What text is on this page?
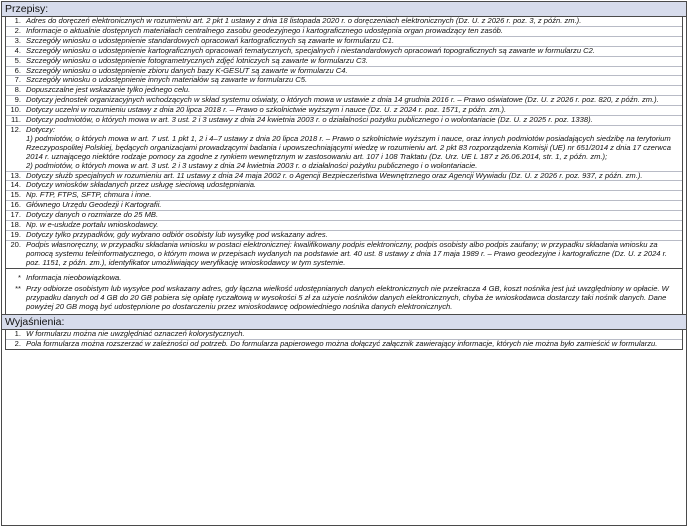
Przepisy:
1. Adres do doręczeń elektronicznych w rozumieniu art. 2 pkt 1 ustawy z dnia 18 listopada 2020 r. o doręczeniach elektronicznych (Dz. U. z 2026 r. poz. 3, z późn. zm.).
2. Informacje o aktualnie dostępnych materiałach centralnego zasobu geodezyjnego i kartograficznego udostępnia organ prowadzący ten zasób.
3. Szczegóły wniosku o udostępnienie standardowych opracowań kartograficznych są zawarte w formularzu C1.
4. Szczegóły wniosku o udostępnienie kartograficznych opracowań tematycznych, specjalnych i niestandardowych opracowań topograficznych są zawarte w formularzu C2.
5. Szczegóły wniosku o udostępnienie fotogrametrycznych zdjęć lotniczych są zawarte w formularzu C3.
6. Szczegóły wniosku o udostępnienie zbioru danych bazy K-GESUT są zawarte w formularzu C4.
7. Szczegóły wniosku o udostępnienie innych materiałów są zawarte w formularzu C5.
8. Dopuszczalne jest wskazanie tylko jednego celu.
9. Dotyczy jednostek organizacyjnych wchodzących w skład systemu oświaty, o których mowa w ustawie z dnia 14 grudnia 2016 r. – Prawo oświatowe (Dz. U. z 2026 r. poz. 820, z późn. zm.).
10. Dotyczy uczelni w rozumieniu ustawy z dnia 20 lipca 2018 r. – Prawo o szkolnictwie wyższym i nauce (Dz. U. z 2024 r. poz. 1571, z późn. zm.).
11. Dotyczy podmiotów, o których mowa w art. 3 ust. 2 i 3 ustawy z dnia 24 kwietnia 2003 r. o działalności pożytku publicznego i o wolontariacie (Dz. U. z 2025 r. poz. 1338).
12. Dotyczy:
1) podmiotów, o których mowa w art. 7 ust. 1 pkt 1, 2 i 4–7 ustawy z dnia 20 lipca 2018 r. – Prawo o szkolnictwie wyższym i nauce, oraz innych podmiotów posiadających siedzibę na terytorium Rzeczypospolitej Polskiej, będących organizacjami prowadzącymi badania i upowszechniającymi wiedzę w rozumieniu art. 2 pkt 83 rozporządzenia Komisji (UE) nr 651/2014 z dnia 17 czerwca 2014 r. uznającego niektóre rodzaje pomocy za zgodne z rynkiem wewnętrznym w zastosowaniu art. 107 i 108 Traktatu (Dz. Urz. UE L 187 z 26.06.2014, str. 1, z późn. zm.);
2) podmiotów, o których mowa w art. 3 ust. 2 i 3 ustawy z dnia 24 kwietnia 2003 r. o działalności pożytku publicznego i o wolontariacie.
13. Dotyczy służb specjalnych w rozumieniu art. 11 ustawy z dnia 24 maja 2002 r. o Agencji Bezpieczeństwa Wewnętrznego oraz Agencji Wywiadu (Dz. U. z 2026 r. poz. 937, z późn. zm.).
14. Dotyczy wniosków składanych przez usługę sieciową udostępniania.
15. Np. FTP, FTPS, SFTP, chmura i inne.
16. Głównego Urzędu Geodezji i Kartografii.
17. Dotyczy danych o rozmiarze do 25 MB.
18. Np. w e-usłudze portalu wnioskodawcy.
19. Dotyczy tylko przypadków, gdy wybrano odbiór osobisty lub wysyłkę pod wskazany adres.
20. Podpis własnoręczny, w przypadku składania wniosku w postaci elektronicznej: kwalifikowany podpis elektroniczny, podpis osobisty albo podpis zaufany; w przypadku składania wniosku za pomocą systemu teleinformatycznego, o którym mowa w przepisach wydanych na podstawie art. 40 ust. 8 ustawy z dnia 17 maja 1989 r. – Prawo geodezyjne i kartograficzne (Dz. U. z 2024 r. poz. 1151, z późn. zm.), identyfikator umożliwiający weryfikację wnioskodawcy w tym systemie.
* Informacja nieobowiązkowa.
** Przy odbiorze osobistym lub wysyłce pod wskazany adres, gdy łączna wielkość udostępnianych danych elektronicznych nie przekracza 4 GB, koszt nośnika jest już uwzględniony w opłacie. W przypadku danych od 4 GB do 20 GB pobiera się opłatę ryczałtową w wysokości 5 zł za użycie nośników danych elektronicznych, chyba że wnioskodawca dostarczy taki nośnik danych. Dane powyżej 20 GB mogą być udostępnione po dostarczeniu przez wnioskodawcę odpowiedniego nośnika danych elektronicznych.
Wyjaśnienia:
1. W formularzu można nie uwzględniać oznaczeń kolorystycznych.
2. Pola formularza można rozszerzać w zależności od potrzeb. Do formularza papierowego można dołączyć załącznik zawierający informacje, których nie można było zamieścić w formularzu.
